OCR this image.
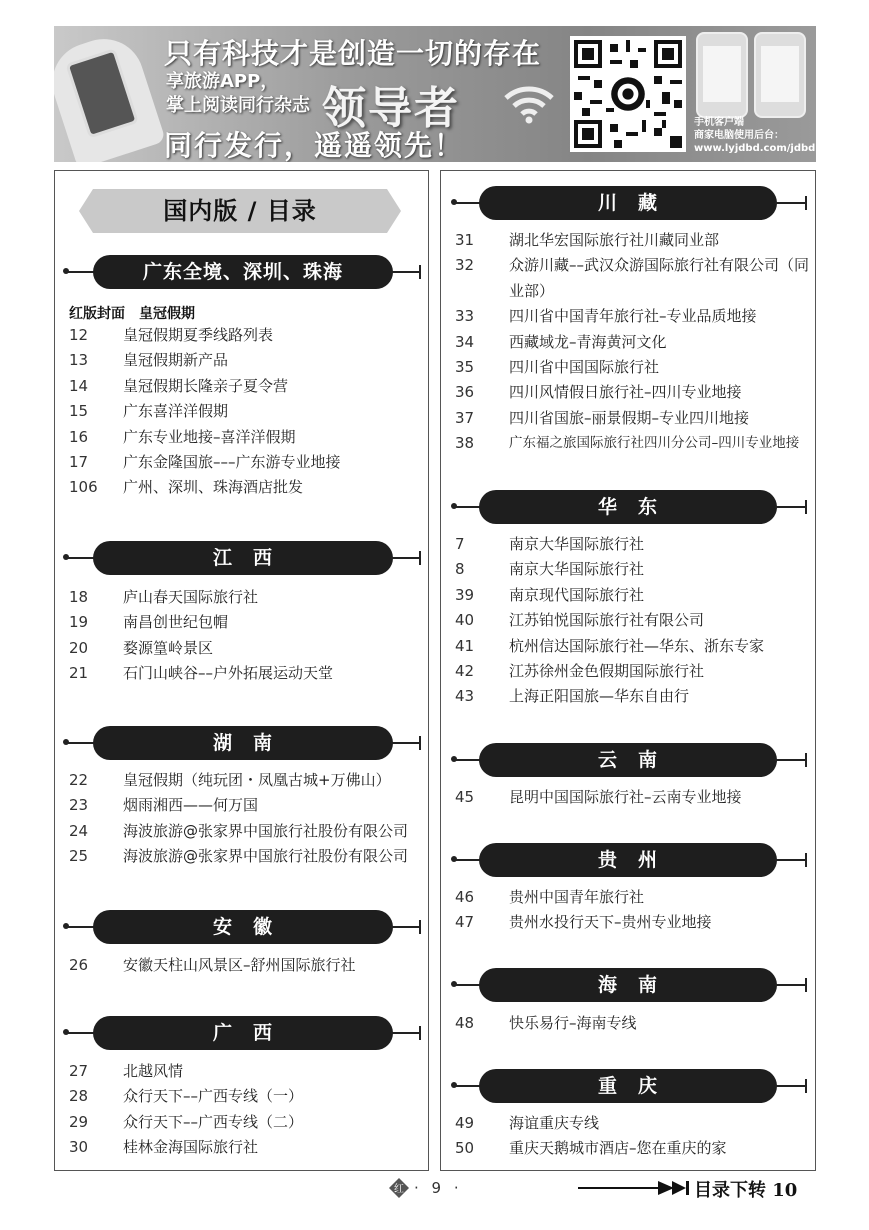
只有科技才是创造一切的存在
享旅游APP，
掌上阅读同行杂志 领导者
同行发行，遥遥领先！
手机客户端
商家电脑使用后台：
www.lyjdbd.com/jdbd
国内版 / 目录
广东全境、深圳、珠海
红版封面　皇冠假期
12 皇冠假期夏季线路列表
13 皇冠假期新产品
14 皇冠假期长隆亲子夏令营
15 广东喜洋洋假期
16 广东专业地接–喜洋洋假期
17 广东金隆国旅–––广东游专业地接
106 广州、深圳、珠海酒店批发
江　西
18 庐山春天国际旅行社
19 南昌创世纪包帽
20 婺源篁岭景区
21 石门山峡谷––户外拓展运动天堂
湖　南
22 皇冠假期（纯玩团・凤凰古城+万佛山）
23 烟雨湘西——何万国
24 海波旅游@张家界中国旅行社股份有限公司
25 海波旅游@张家界中国旅行社股份有限公司
安　徽
26 安徽天柱山风景区–舒州国际旅行社
广　西
27 北越风情
28 众行天下––广西专线（一）
29 众行天下––广西专线（二）
30 桂林金海国际旅行社
川　藏
31 湖北华宏国际旅行社川藏同业部
32 众游川藏––武汉众游国际旅行社有限公司（同业部）
33 四川省中国青年旅行社–专业品质地接
34 西藏域龙–青海黄河文化
35 四川省中国国际旅行社
36 四川风情假日旅行社–四川专业地接
37 四川省国旅–丽景假期–专业四川地接
38	广东福之旅国际旅行社四川分公司–四川专业地接
华　东
7	南京大华国际旅行社
8	南京大华国际旅行社
39 南京现代国际旅行社
40 江苏铂悦国际旅行社有限公司
41 杭州信达国际旅行社—华东、浙东专家
42 江苏徐州金色假期国际旅行社
43 上海正阳国旅—华东自由行
云　南
45 昆明中国国际旅行社–云南专业地接
贵　州
46 贵州中国青年旅行社
47 贵州水投行天下–贵州专业地接
海　南
48 快乐易行–海南专线
重　庆
49 海谊重庆专线
50 重庆天鹅城市酒店–您在重庆的家
红 · 9 ·	目录下转 10
